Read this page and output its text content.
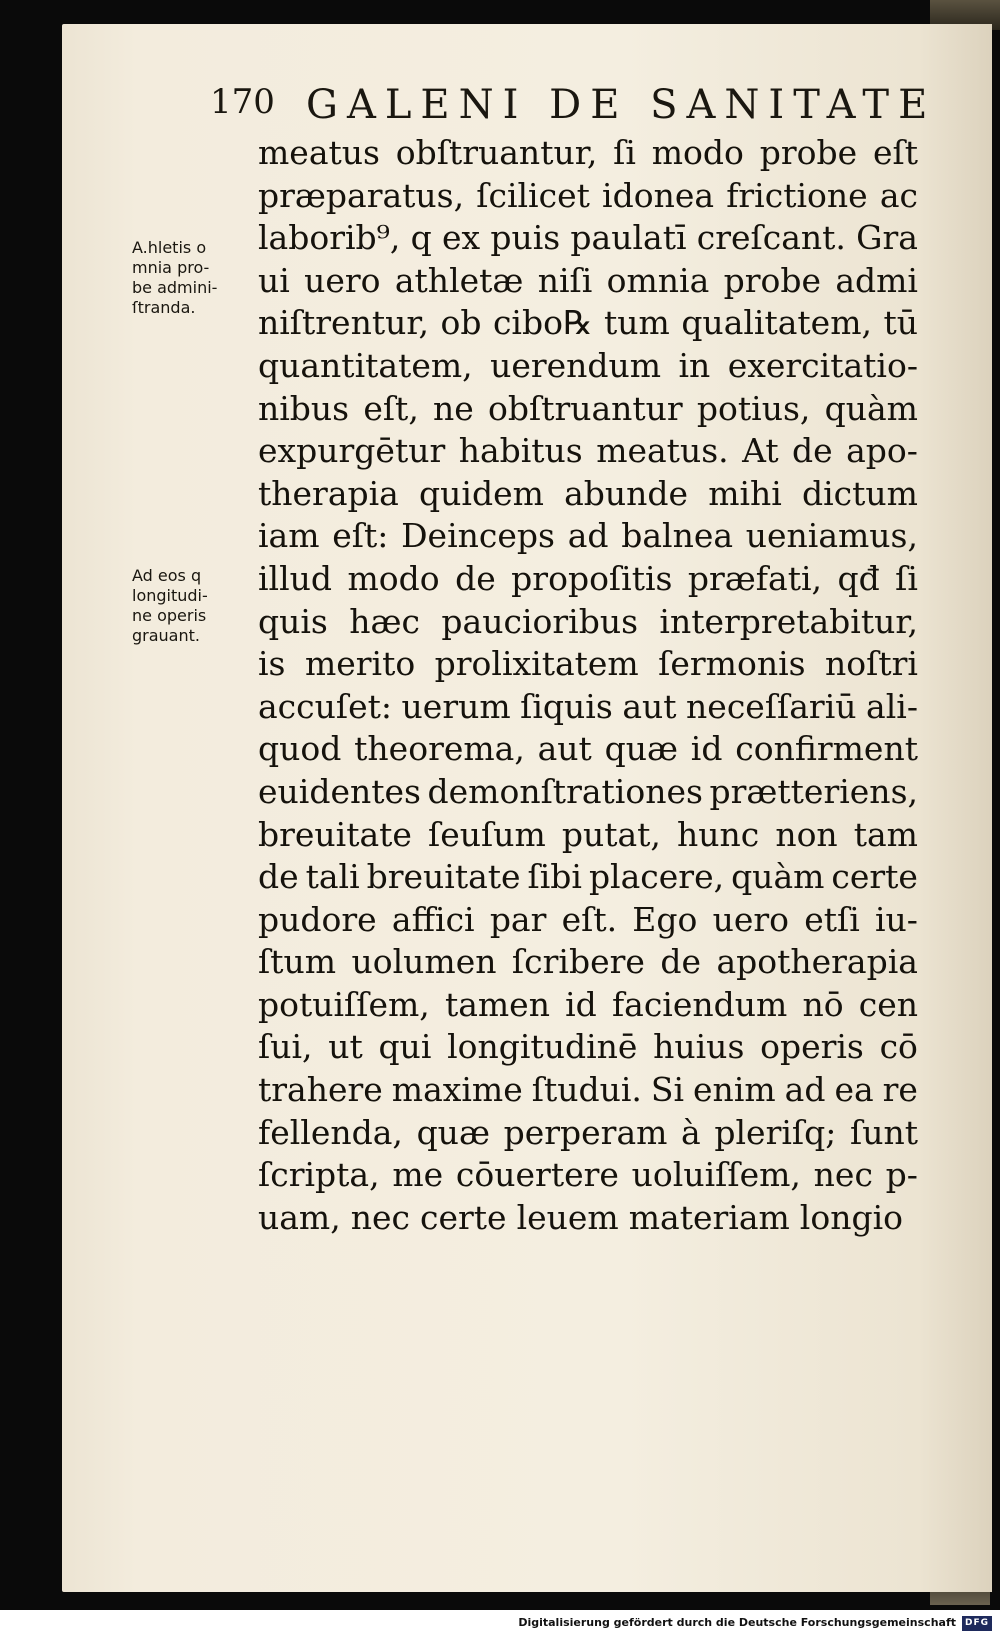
170 GALENI DE SANITATE
A.hletis o
mnia pro-
be admini-
ſtranda.
Ad eos q
longitudi-
ne operis
grauant.
meatus obſtruantur, ſi modo probe eſt
præparatus, ſcilicet idonea frictione ac
laborib⁹, q ex puis paulatī creſcant. Gra
ui uero athletæ niſi omnia probe admi
niſtrentur, ob cibo℞ tum qualitatem, tū
quantitatem, uerendum in exercitatio-
nibus eſt, ne obſtruantur potius, quàm
expurgētur habitus meatus. At de apo-
therapia quidem abunde mihi dictum
iam eſt: Deinceps ad balnea ueniamus,
illud modo de propoſitis præfati, qđ ſi
quis hæc paucioribus interpretabitur,
is merito prolixitatem ſermonis noſtri
accuſet: uerum ſiquis aut neceſſariū ali-
quod theorema, aut quæ id confirment
euidentes demonſtrationes prætteriens,
breuitate ſeuſum putat, hunc non tam
de tali breuitate ſibi placere, quàm certe
pudore affici par eſt. Ego uero etſi iu-
ſtum uolumen ſcribere de apotherapia
potuiſſem, tamen id faciendum nō cen
ſui, ut qui longitudinē huius operis cō
trahere maxime ſtudui. Si enim ad ea re
fellenda, quæ perperam à pleriſq; ſunt
ſcripta, me cōuertere uoluiſſem, nec p-
uam, nec certe leuem materiam longio
Digitalisierung gefördert durch die Deutsche Forschungsgemeinschaft DFG
